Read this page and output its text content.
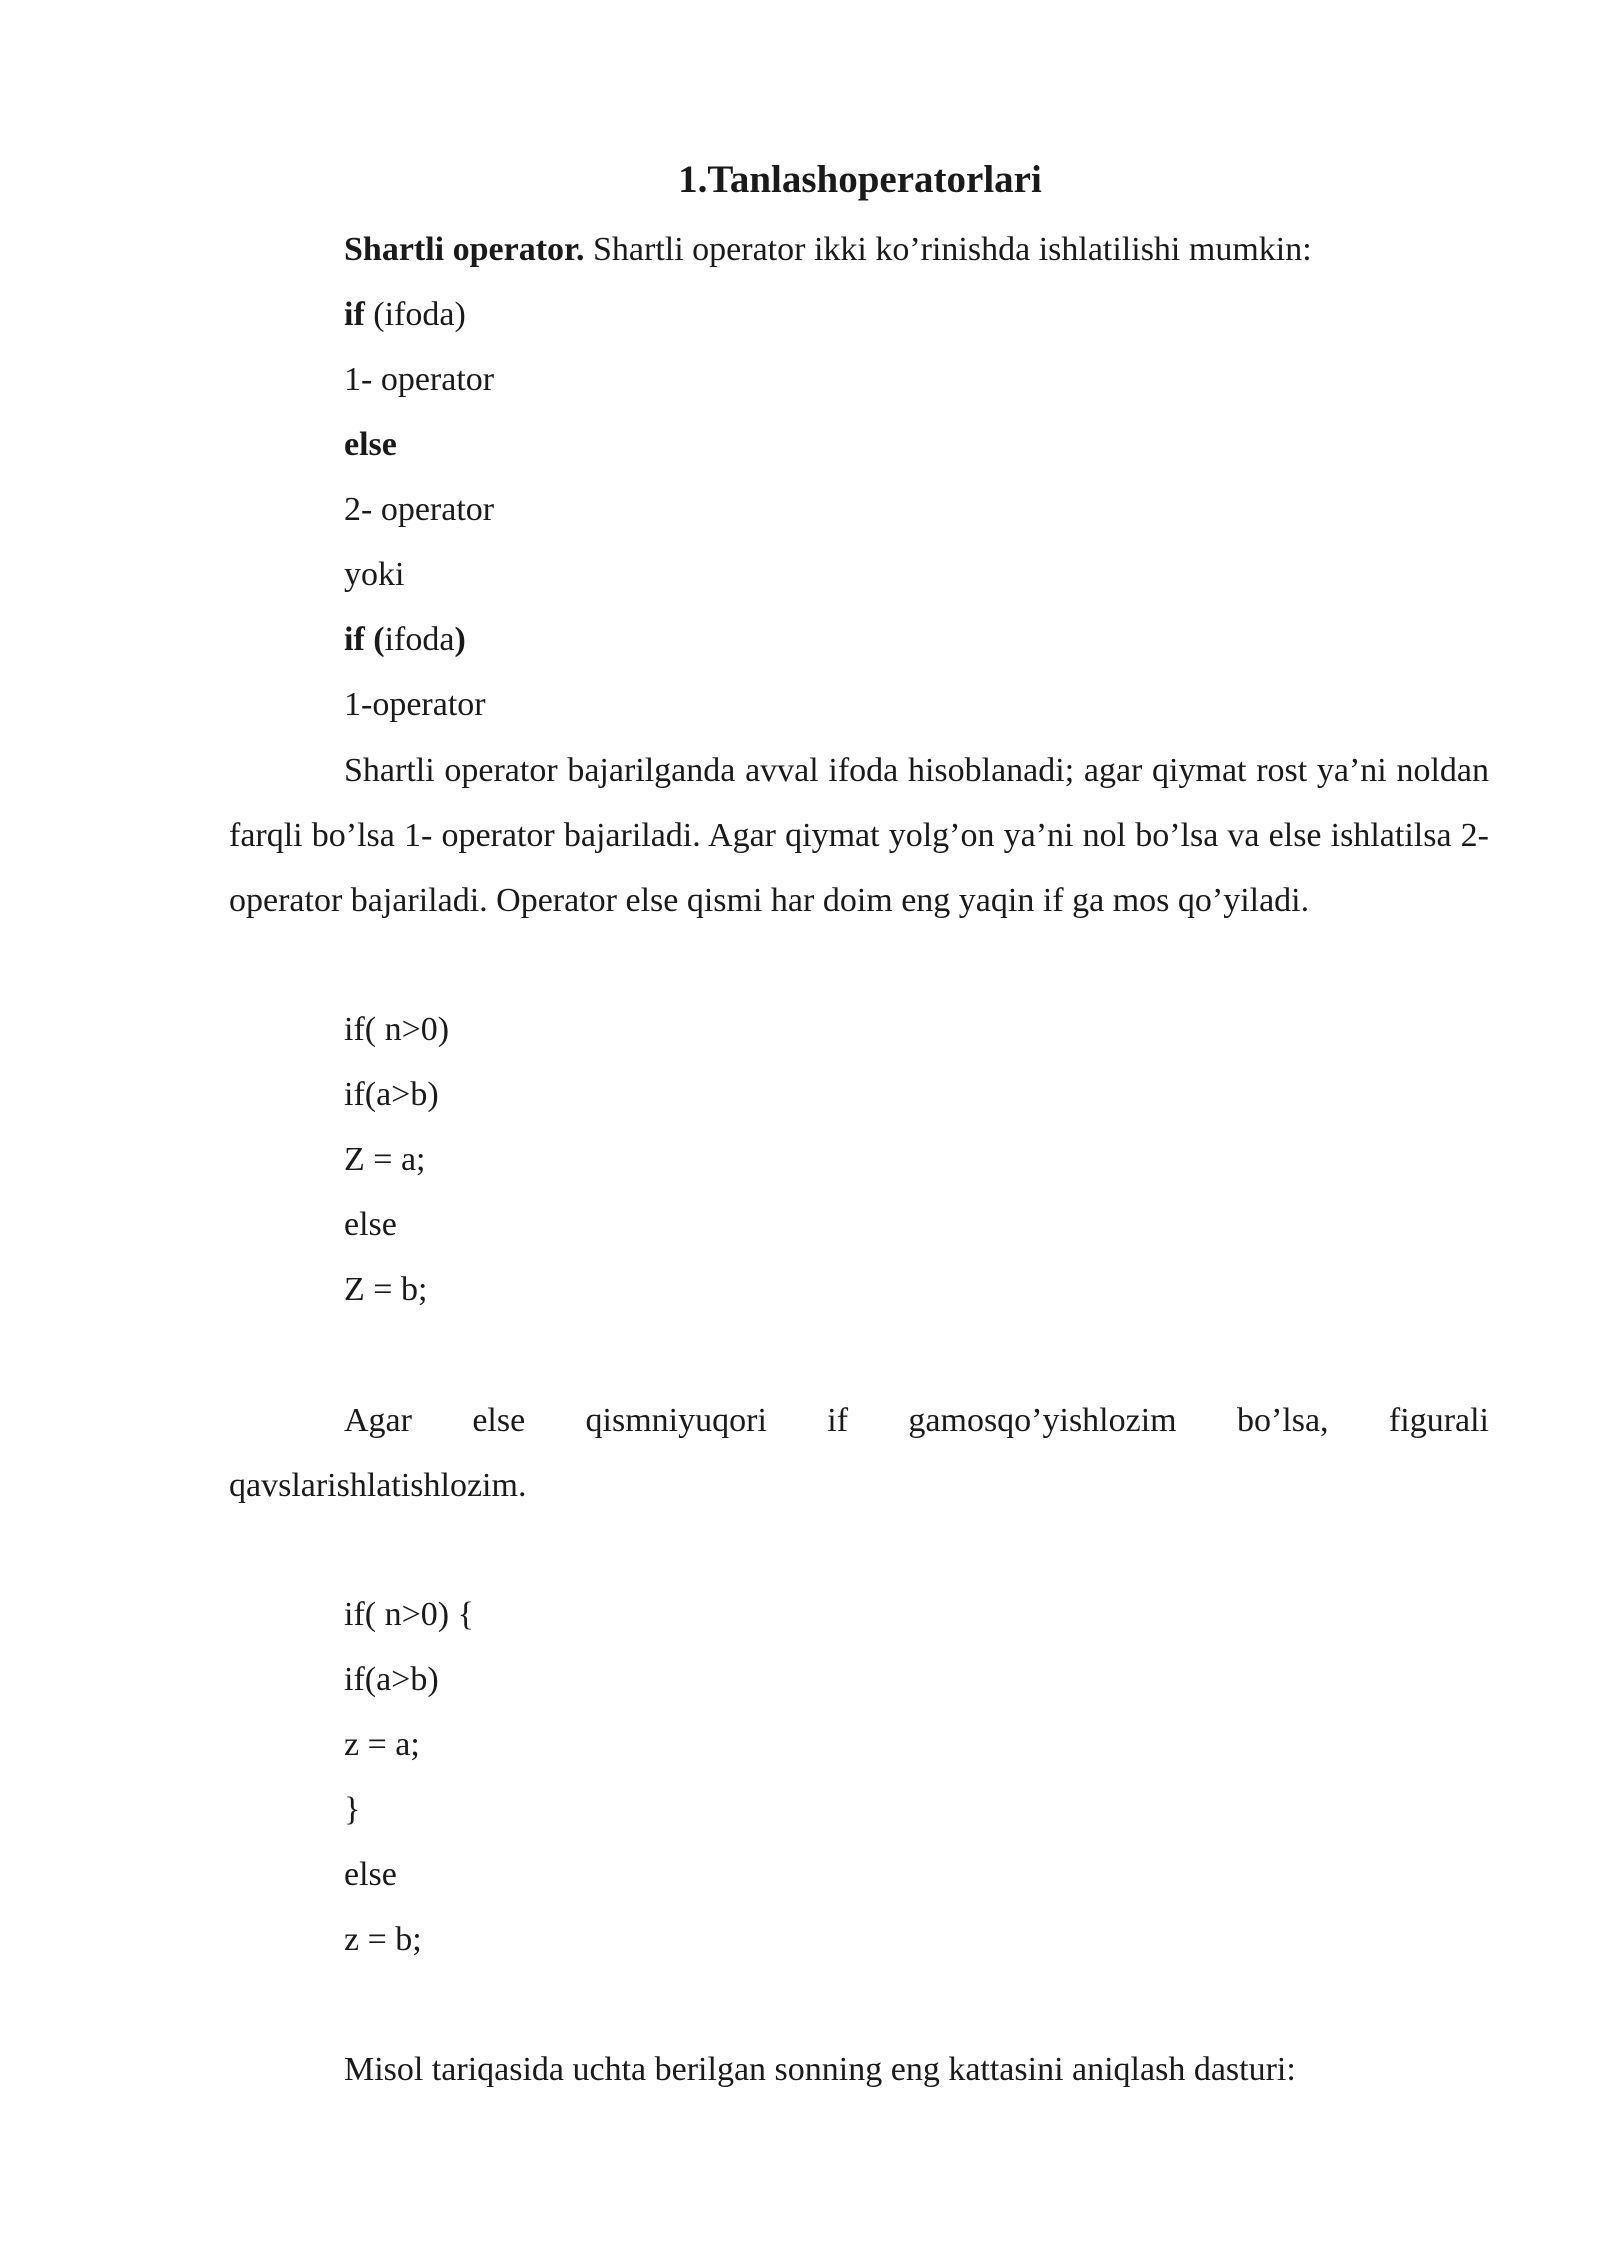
1.Tanlashoperatorlari
Shartli operator. Shartli operator ikki ko’rinishda ishlatilishi mumkin:
if (ifoda)
1- operator
else
2- operator
yoki
if (ifoda)
1-operator
Shartli operator bajarilganda avval ifoda hisoblanadi; agar qiymat rost ya’ni noldan farqli bo’lsa 1- operator bajariladi. Agar qiymat yolg’on ya’ni nol bo’lsa va else ishlatilsa 2-operator bajariladi. Operator else qismi har doim eng yaqin if ga mos qo’yiladi.
if( n>0)
if(a>b)
Z = a;
else
Z = b;
Agar else qismniyuqori if gamosqo’yishlozim bo’lsa, figurali qavslarishlatishlozim.
if( n>0) {
if(a>b)
z = a;
}
else
z = b;
Misol tariqasida uchta berilgan sonning eng kattasini aniqlash dasturi:
